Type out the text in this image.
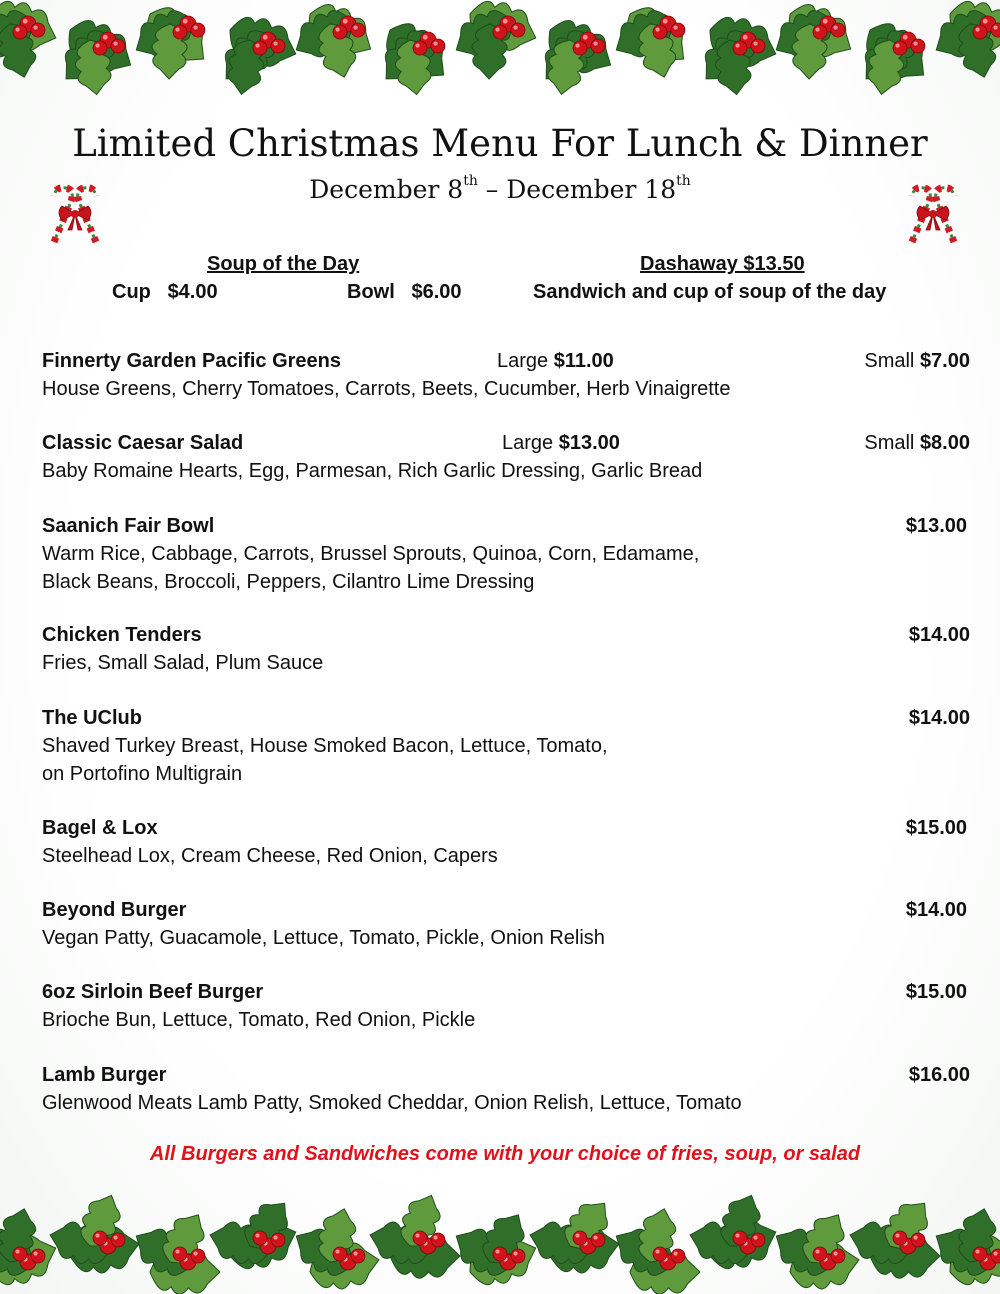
Limited Christmas Menu For Lunch & Dinner
December 8th – December 18th
Soup of the Day
Cup $4.00	Bowl $6.00
Dashaway $13.50
Sandwich and cup of soup of the day
Finnerty Garden Pacific Greens	Large $11.00	Small $7.00
House Greens, Cherry Tomatoes, Carrots, Beets, Cucumber, Herb Vinaigrette
Classic Caesar Salad	Large $13.00	Small $8.00
Baby Romaine Hearts, Egg, Parmesan, Rich Garlic Dressing, Garlic Bread
Saanich Fair Bowl	$13.00
Warm Rice, Cabbage, Carrots, Brussel Sprouts, Quinoa, Corn, Edamame,
Black Beans, Broccoli, Peppers, Cilantro Lime Dressing
Chicken Tenders	$14.00
Fries, Small Salad, Plum Sauce
The UClub	$14.00
Shaved Turkey Breast, House Smoked Bacon, Lettuce, Tomato,
on Portofino Multigrain
Bagel & Lox	$15.00
Steelhead Lox, Cream Cheese, Red Onion, Capers
Beyond Burger	$14.00
Vegan Patty, Guacamole, Lettuce, Tomato, Pickle, Onion Relish
6oz Sirloin Beef Burger	$15.00
Brioche Bun, Lettuce, Tomato, Red Onion, Pickle
Lamb Burger	$16.00
Glenwood Meats Lamb Patty, Smoked Cheddar, Onion Relish, Lettuce, Tomato
All Burgers and Sandwiches come with your choice of fries, soup, or salad
